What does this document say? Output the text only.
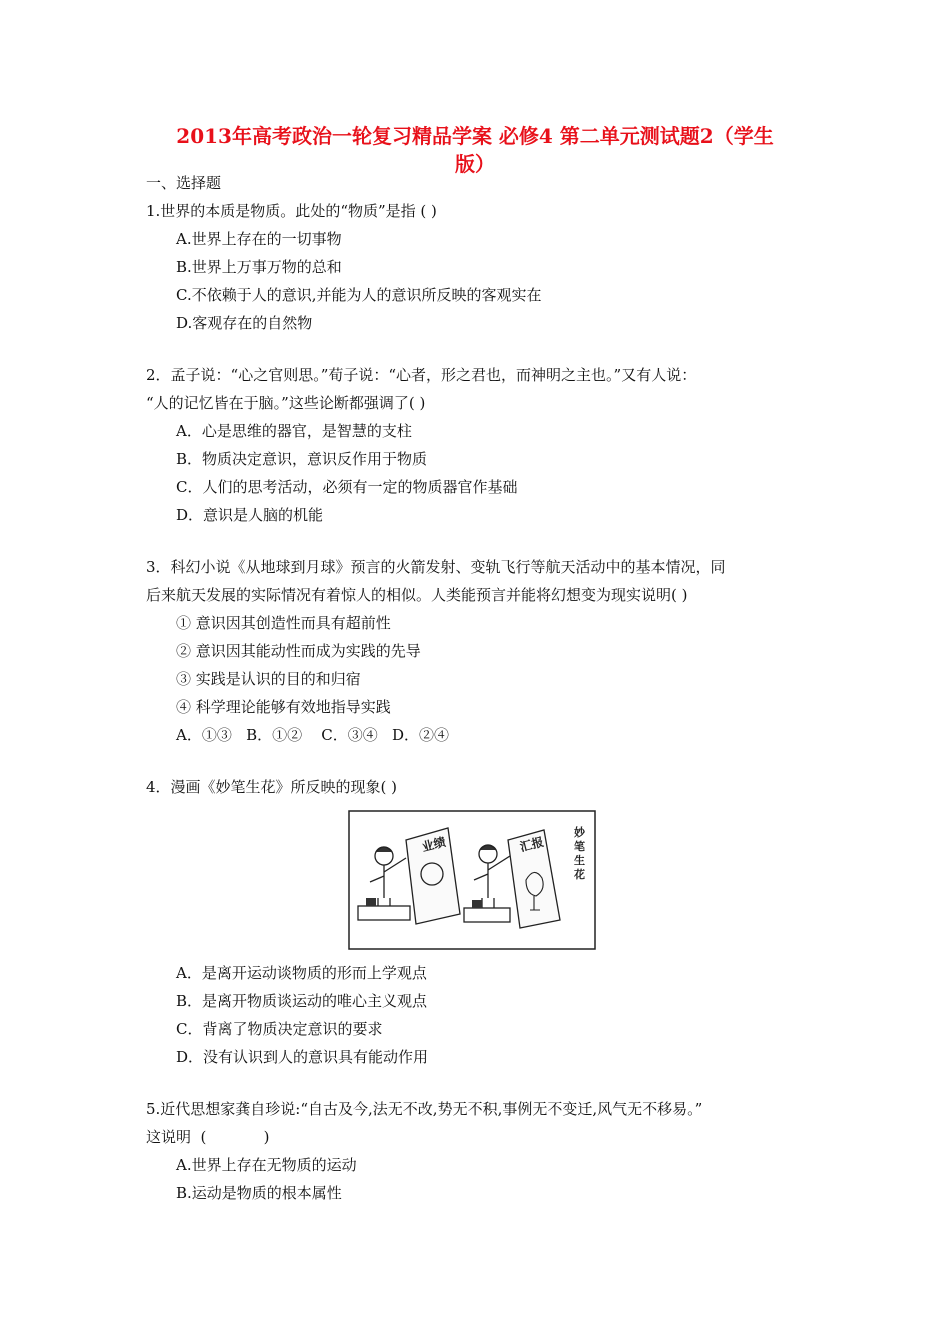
2013年高考政治一轮复习精品学案 必修4 第二单元测试题2（学生
版）
一、选择题
1.世界的本质是物质。此处的“物质”是指 ( )
A.世界上存在的一切事物
B.世界上万事万物的总和
C.不依赖于人的意识,并能为人的意识所反映的客观实在
D.客观存在的自然物
2．孟子说：“心之官则思。”荀子说：“心者，形之君也，而神明之主也。”又有人说：
“人的记忆皆在于脑。”这些论断都强调了( )
A．心是思维的器官，是智慧的支柱
B．物质决定意识，意识反作用于物质
C．人们的思考活动，必须有一定的物质器官作基础
D．意识是人脑的机能
3．科幻小说《从地球到月球》预言的火箭发射、变轨飞行等航天活动中的基本情况，同
后来航天发展的实际情况有着惊人的相似。人类能预言并能将幻想变为现实说明( )
① 意识因其创造性而具有超前性
② 意识因其能动性而成为实践的先导
③ 实践是认识的目的和归宿
④ 科学理论能够有效地指导实践
A．①③   B．①②    C．③④   D．②④
4．漫画《妙笔生花》所反映的现象( )
业绩	汇报
妙
笔
生
花
A．是离开运动谈物质的形而上学观点
B．是离开物质谈运动的唯心主义观点
C．背离了物质决定意识的要求
D．没有认识到人的意识具有能动作用
5.近代思想家龚自珍说:“自古及今,法无不改,势无不积,事例无不变迁,风气无不移易。”
这说明  (            )
A.世界上存在无物质的运动
B.运动是物质的根本属性
